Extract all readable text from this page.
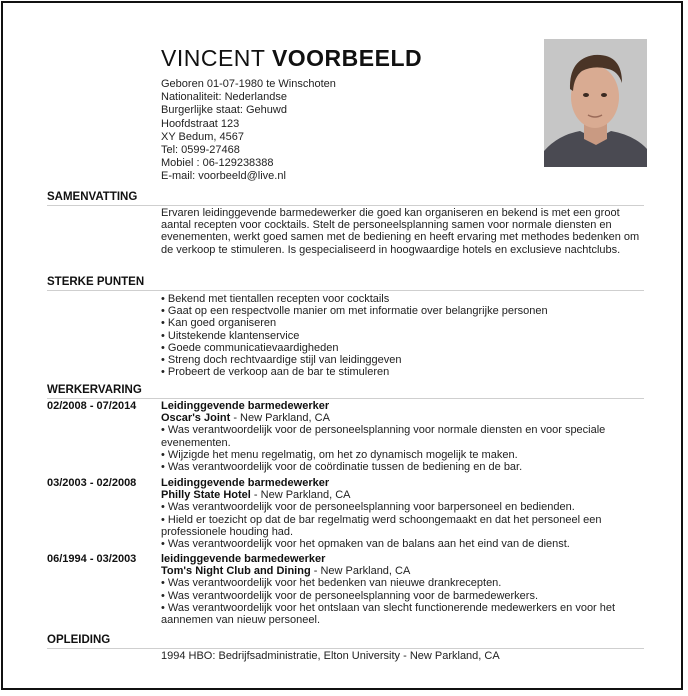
VINCENT VOORBEELD
Geboren 01-07-1980 te Winschoten
Nationaliteit: Nederlandse
Burgerlijke staat: Gehuwd
Hoofdstraat 123
XY Bedum, 4567
Tel: 0599-27468
Mobiel : 06-129238388
E-mail: voorbeeld@live.nl
SAMENVATTING
Ervaren leidinggevende barmedewerker die goed kan organiseren en bekend is met een groot aantal recepten voor cocktails. Stelt de personeelsplanning samen voor normale diensten en evenementen, werkt goed samen met de bediening en heeft ervaring met methodes bedenken om de verkoop te stimuleren. Is gespecialiseerd in hoogwaardige hotels en exclusieve nachtclubs.
STERKE PUNTEN
• Bekend met tientallen recepten voor cocktails
• Gaat op een respectvolle manier om met informatie over belangrijke personen
• Kan goed organiseren
• Uitstekende klantenservice
• Goede communicatievaardigheden
• Streng doch rechtvaardige stijl van leidinggeven
• Probeert de verkoop aan de bar te stimuleren
WERKERVARING
02/2008 - 07/2014	Leidinggevende barmedewerker
Oscar's Joint - New Parkland, CA
• Was verantwoordelijk voor de personeelsplanning voor normale diensten en voor speciale evenementen.
• Wijzigde het menu regelmatig, om het zo dynamisch mogelijk te maken.
• Was verantwoordelijk voor de coördinatie tussen de bediening en de bar.
03/2003 - 02/2008	Leidinggevende barmedewerker
Philly State Hotel - New Parkland, CA
• Was verantwoordelijk voor de personeelsplanning voor barpersoneel en bedienden.
• Hield er toezicht op dat de bar regelmatig werd schoongemaakt en dat het personeel een professionele houding had.
• Was verantwoordelijk voor het opmaken van de balans aan het eind van de dienst.
06/1994 - 03/2003	leidinggevende barmedewerker
Tom's Night Club and Dining - New Parkland, CA
• Was verantwoordelijk voor het bedenken van nieuwe drankrecepten.
• Was verantwoordelijk voor de personeelsplanning voor de barmedewerkers.
• Was verantwoordelijk voor het ontslaan van slecht functionerende medewerkers en voor het aannemen van nieuw personeel.
OPLEIDING
1994 HBO: Bedrijfsadministratie, Elton University - New Parkland, CA
